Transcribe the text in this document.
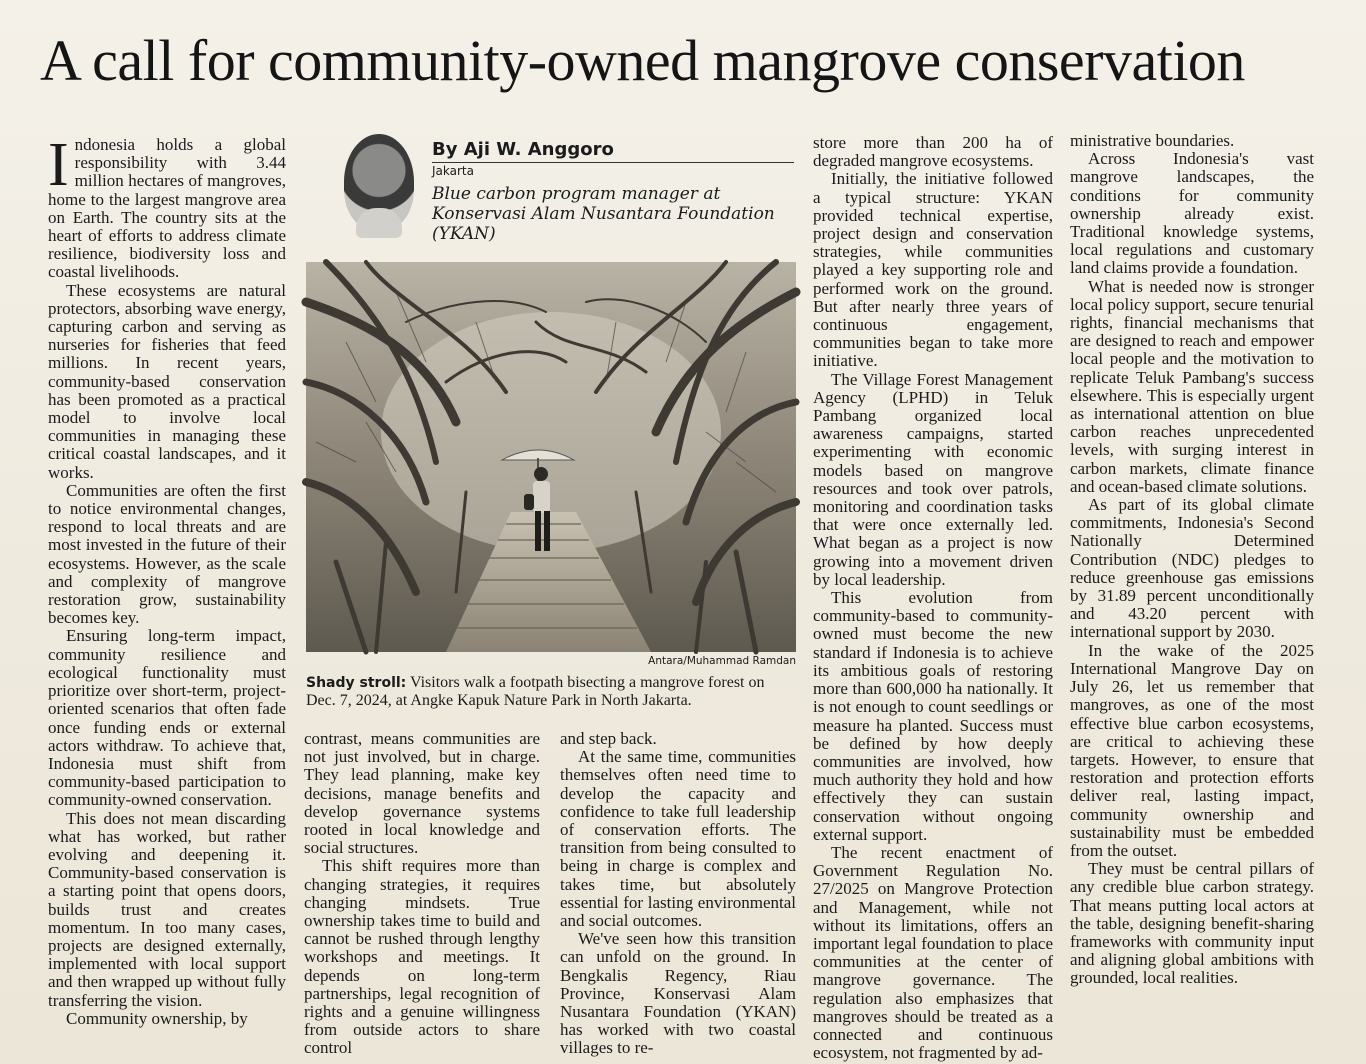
A call for community-owned mangrove conservation

Indonesia holds a global responsibility with 3.44 million hectares of mangroves, home to the largest mangrove area on Earth. The country sits at the heart of efforts to address climate resilience, biodiversity loss and coastal livelihoods.

These ecosystems are natural protectors, absorbing wave energy, capturing carbon and serving as nurseries for fisheries that feed millions. In recent years, community-based conservation has been promoted as a practical model to involve local communities in managing these critical coastal landscapes, and it works.

Communities are often the first to notice environmental changes, respond to local threats and are most invested in the future of their ecosystems. However, as the scale and complexity of mangrove restoration grow, sustainability becomes key.

Ensuring long-term impact, community resilience and ecological functionality must prioritize over short-term, project-oriented scenarios that often fade once funding ends or external actors withdraw. To achieve that, Indonesia must shift from community-based participation to community-owned conservation.

This does not mean discarding what has worked, but rather evolving and deepening it. Community-based conservation is a starting point that opens doors, builds trust and creates momentum. In too many cases, projects are designed externally, implemented with local support and then wrapped up without fully transferring the vision.

Community ownership, by

By Aji W. Anggoro
Jakarta
Blue carbon program manager at Konservasi Alam Nusantara Foundation (YKAN)
Antara/Muhammad Ramdan
Shady stroll: Visitors walk a footpath bisecting a mangrove forest on Dec. 7, 2024, at Angke Kapuk Nature Park in North Jakarta.

contrast, means communities are not just involved, but in charge. They lead planning, make key decisions, manage benefits and develop governance systems rooted in local knowledge and social structures.

This shift requires more than changing strategies, it requires changing mindsets. True ownership takes time to build and cannot be rushed through lengthy workshops and meetings. It depends on long-term partnerships, legal recognition of rights and a genuine willingness from outside actors to share control

and step back.

At the same time, communities themselves often need time to develop the capacity and confidence to take full leadership of conservation efforts. The transition from being consulted to being in charge is complex and takes time, but absolutely essential for lasting environmental and social outcomes.

We've seen how this transition can unfold on the ground. In Bengkalis Regency, Riau Province, Konservasi Alam Nusantara Foundation (YKAN) has worked with two coastal villages to re-

store more than 200 ha of degraded mangrove ecosystems.

Initially, the initiative followed a typical structure: YKAN provided technical expertise, project design and conservation strategies, while communities played a key supporting role and performed work on the ground. But after nearly three years of continuous engagement, communities began to take more initiative.

The Village Forest Management Agency (LPHD) in Teluk Pambang organized local awareness campaigns, started experimenting with economic models based on mangrove resources and took over patrols, monitoring and coordination tasks that were once externally led. What began as a project is now growing into a movement driven by local leadership.

This evolution from community-based to community-owned must become the new standard if Indonesia is to achieve its ambitious goals of restoring more than 600,000 ha nationally. It is not enough to count seedlings or measure ha planted. Success must be defined by how deeply communities are involved, how much authority they hold and how effectively they can sustain conservation without ongoing external support.

The recent enactment of Government Regulation No. 27/2025 on Mangrove Protection and Management, while not without its limitations, offers an important legal foundation to place communities at the center of mangrove governance. The regulation also emphasizes that mangroves should be treated as a connected and continuous ecosystem, not fragmented by ad-

ministrative boundaries.

Across Indonesia's vast mangrove landscapes, the conditions for community ownership already exist. Traditional knowledge systems, local regulations and customary land claims provide a foundation.

What is needed now is stronger local policy support, secure tenurial rights, financial mechanisms that are designed to reach and empower local people and the motivation to replicate Teluk Pambang's success elsewhere. This is especially urgent as international attention on blue carbon reaches unprecedented levels, with surging interest in carbon markets, climate finance and ocean-based climate solutions.

As part of its global climate commitments, Indonesia's Second Nationally Determined Contribution (NDC) pledges to reduce greenhouse gas emissions by 31.89 percent unconditionally and 43.20 percent with international support by 2030.

In the wake of the 2025 International Mangrove Day on July 26, let us remember that mangroves, as one of the most effective blue carbon ecosystems, are critical to achieving these targets. However, to ensure that restoration and protection efforts deliver real, lasting impact, community ownership and sustainability must be embedded from the outset.

They must be central pillars of any credible blue carbon strategy. That means putting local actors at the table, designing benefit-sharing frameworks with community input and aligning global ambitions with grounded, local realities.
